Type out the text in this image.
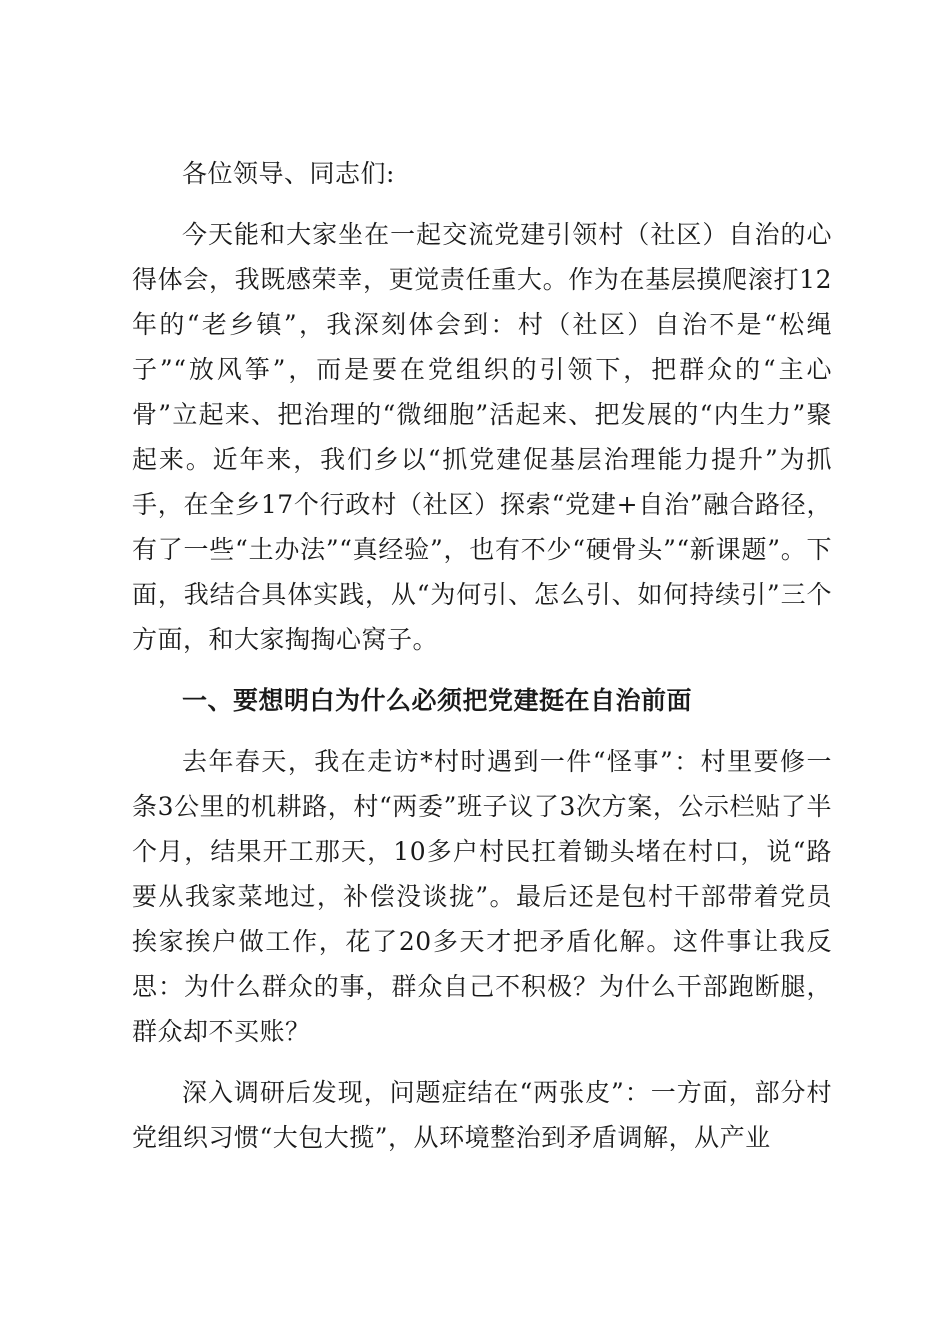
各位领导、同志们:

今天能和大家坐在一起交流党建引领村（社区）自治的心得体会，我既感荣幸，更觉责任重大。作为在基层摸爬滚打12年的“老乡镇”，我深刻体会到：村（社区）自治不是“松绳子”“放风筝”，而是要在党组织的引领下，把群众的“主心骨”立起来、把治理的“微细胞”活起来、把发展的“内生力”聚起来。近年来，我们乡以“抓党建促基层治理能力提升”为抓手，在全乡17个行政村（社区）探索“党建+自治”融合路径，有了一些“土办法”“真经验”，也有不少“硬骨头”“新课题”。下面，我结合具体实践，从“为何引、怎么引、如何持续引”三个方面，和大家掏掏心窝子。

一、要想明白为什么必须把党建挺在自治前面

去年春天，我在走访*村时遇到一件“怪事”：村里要修一条3公里的机耕路，村“两委”班子议了3次方案，公示栏贴了半个月，结果开工那天，10多户村民扛着锄头堵在村口，说“路要从我家菜地过，补偿没谈拢”。最后还是包村干部带着党员挨家挨户做工作，花了20多天才把矛盾化解。这件事让我反思：为什么群众的事，群众自己不积极？为什么干部跑断腿，群众却不买账？

深入调研后发现，问题症结在“两张皮”：一方面，部分村党组织习惯“大包大揽”，从环境整治到矛盾调解，从产业
